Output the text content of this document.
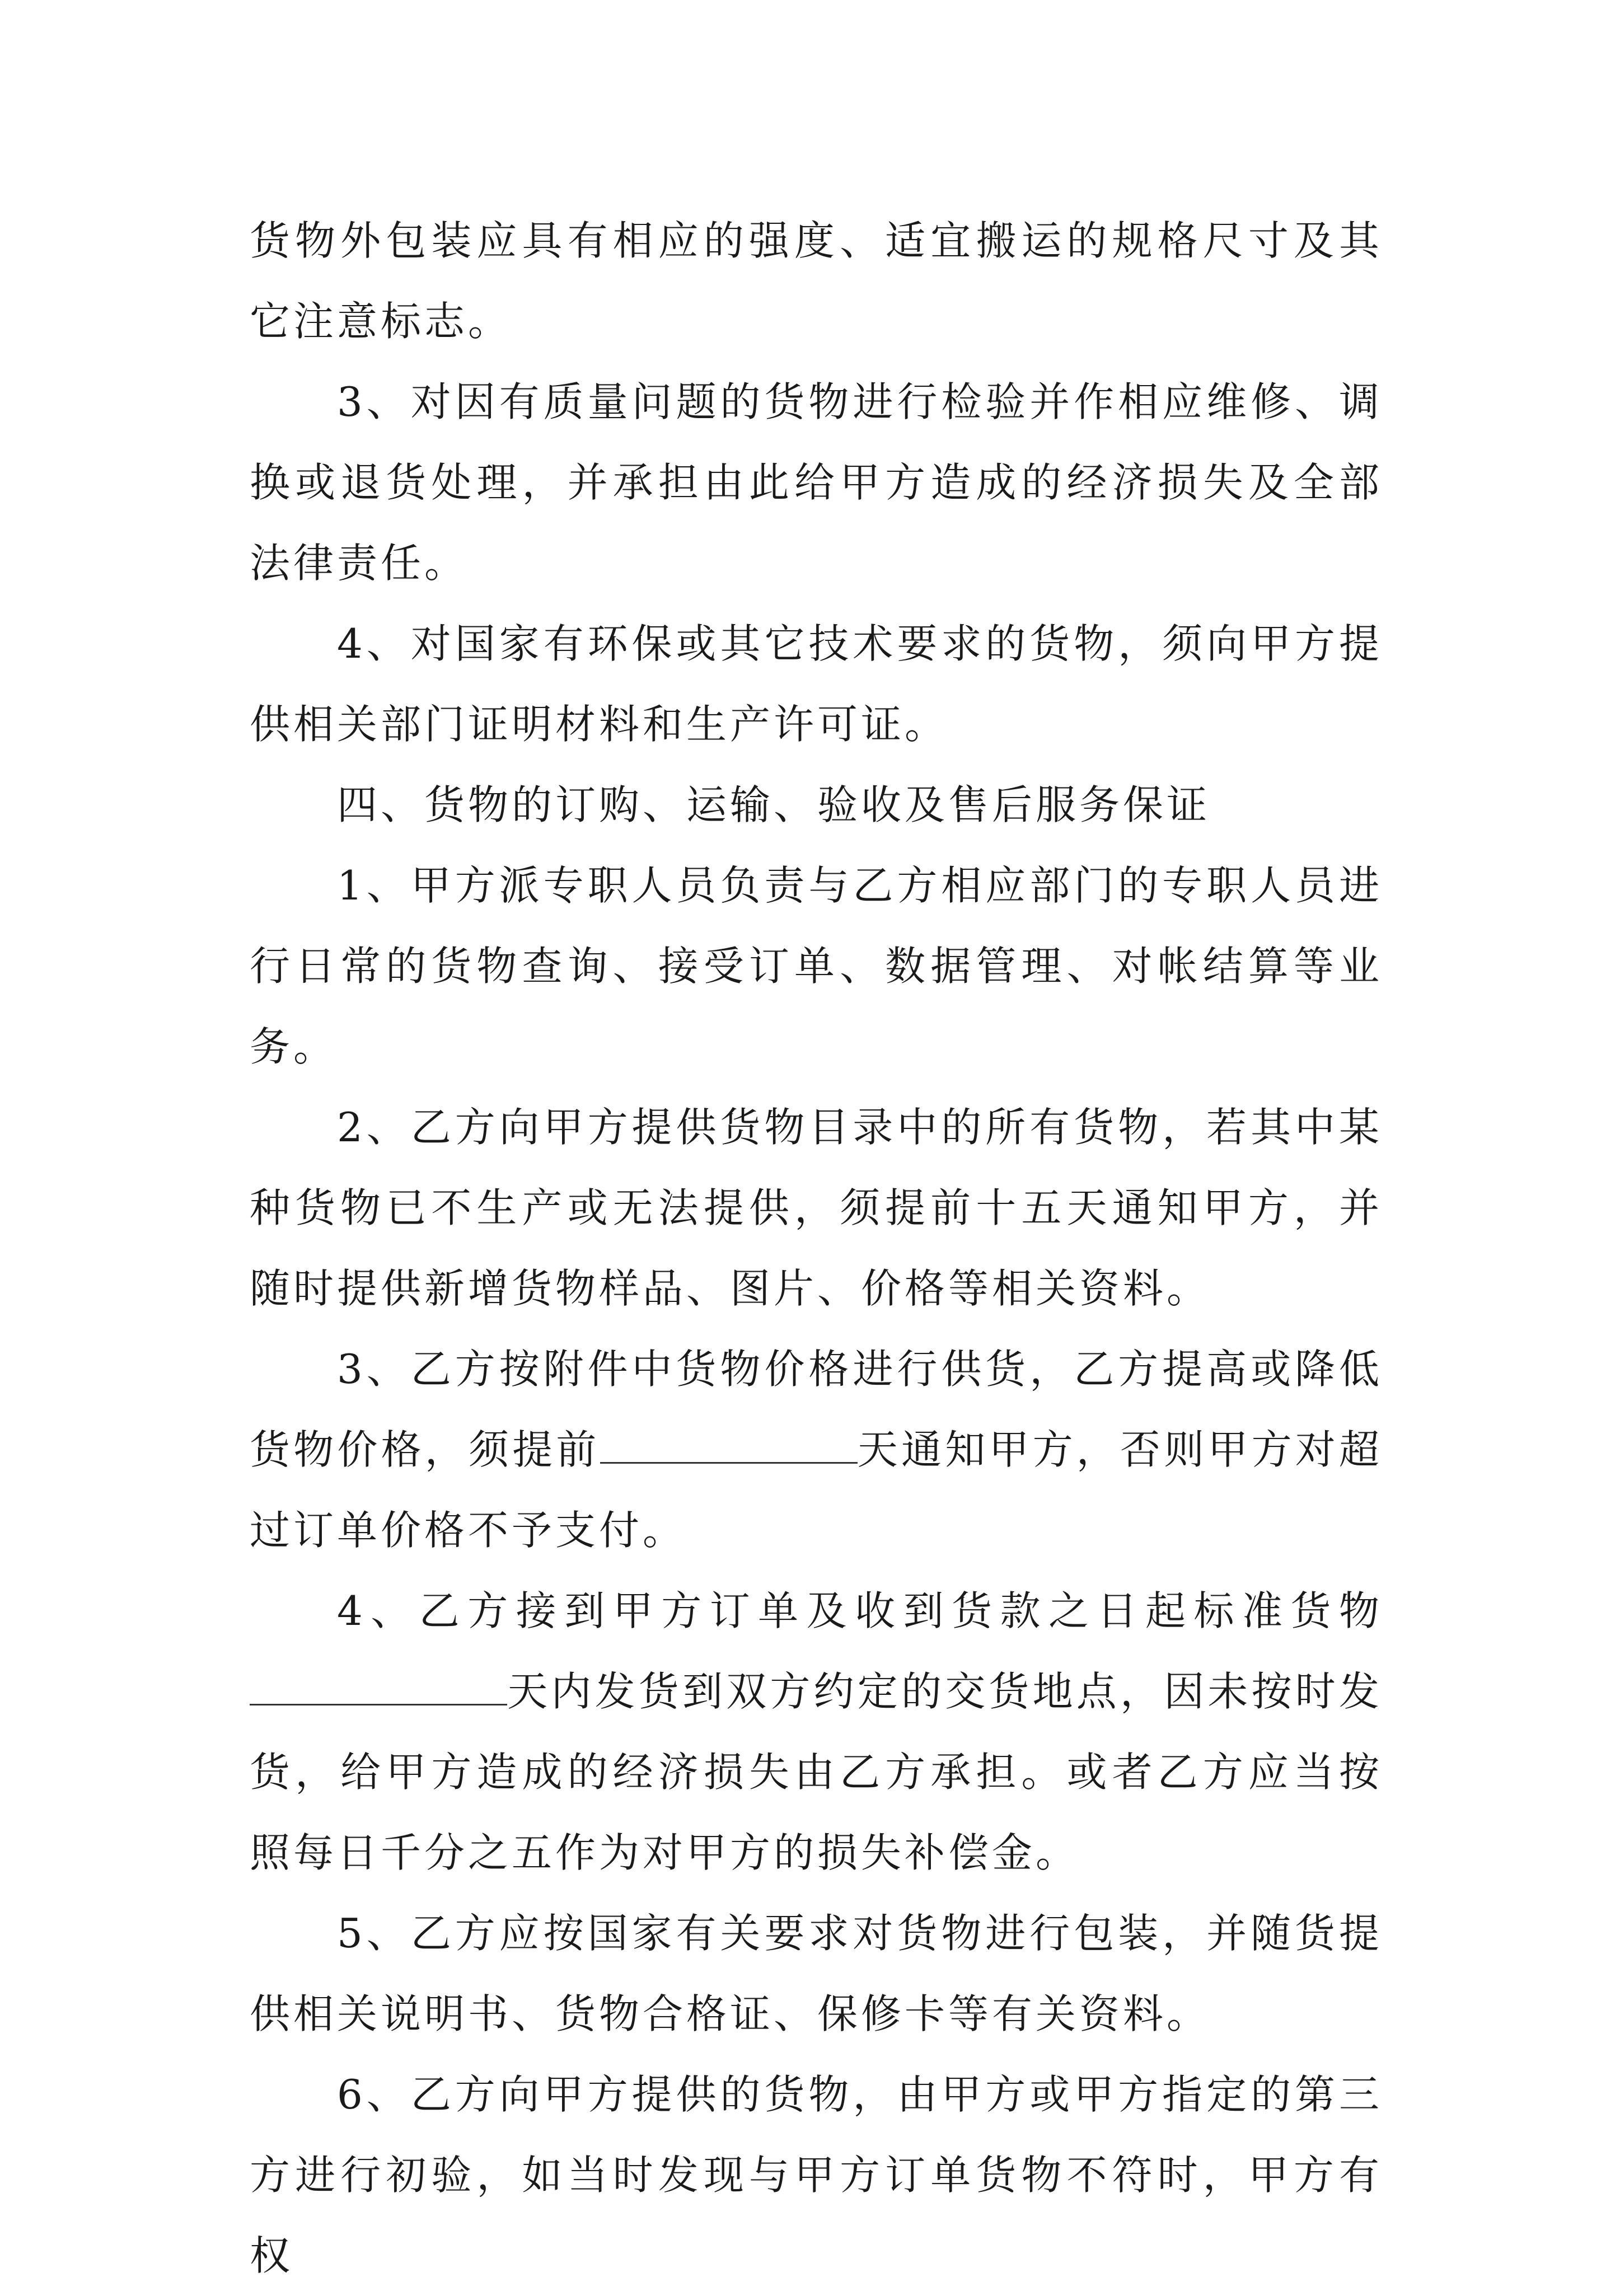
货物外包装应具有相应的强度、适宜搬运的规格尺寸及其它注意标志。

3、对因有质量问题的货物进行检验并作相应维修、调换或退货处理，并承担由此给甲方造成的经济损失及全部法律责任。

4、对国家有环保或其它技术要求的货物，须向甲方提供相关部门证明材料和生产许可证。

四、货物的订购、运输、验收及售后服务保证

1、甲方派专职人员负责与乙方相应部门的专职人员进行日常的货物查询、接受订单、数据管理、对帐结算等业务。

2、乙方向甲方提供货物目录中的所有货物，若其中某种货物已不生产或无法提供，须提前十五天通知甲方，并随时提供新增货物样品、图片、价格等相关资料。

3、乙方按附件中货物价格进行供货，乙方提高或降低货物价格，须提前	天通知甲方，否则甲方对超过订单价格不予支付。

4、乙方接到甲方订单及收到货款之日起标准货物天内发货到双方约定的交货地点，因未按时发货，给甲方造成的经济损失由乙方承担。或者乙方应当按照每日千分之五作为对甲方的损失补偿金。

5、乙方应按国家有关要求对货物进行包装，并随货提供相关说明书、货物合格证、保修卡等有关资料。

6、乙方向甲方提供的货物，由甲方或甲方指定的第三方进行初验，如当时发现与甲方订单货物不符时，甲方有权
